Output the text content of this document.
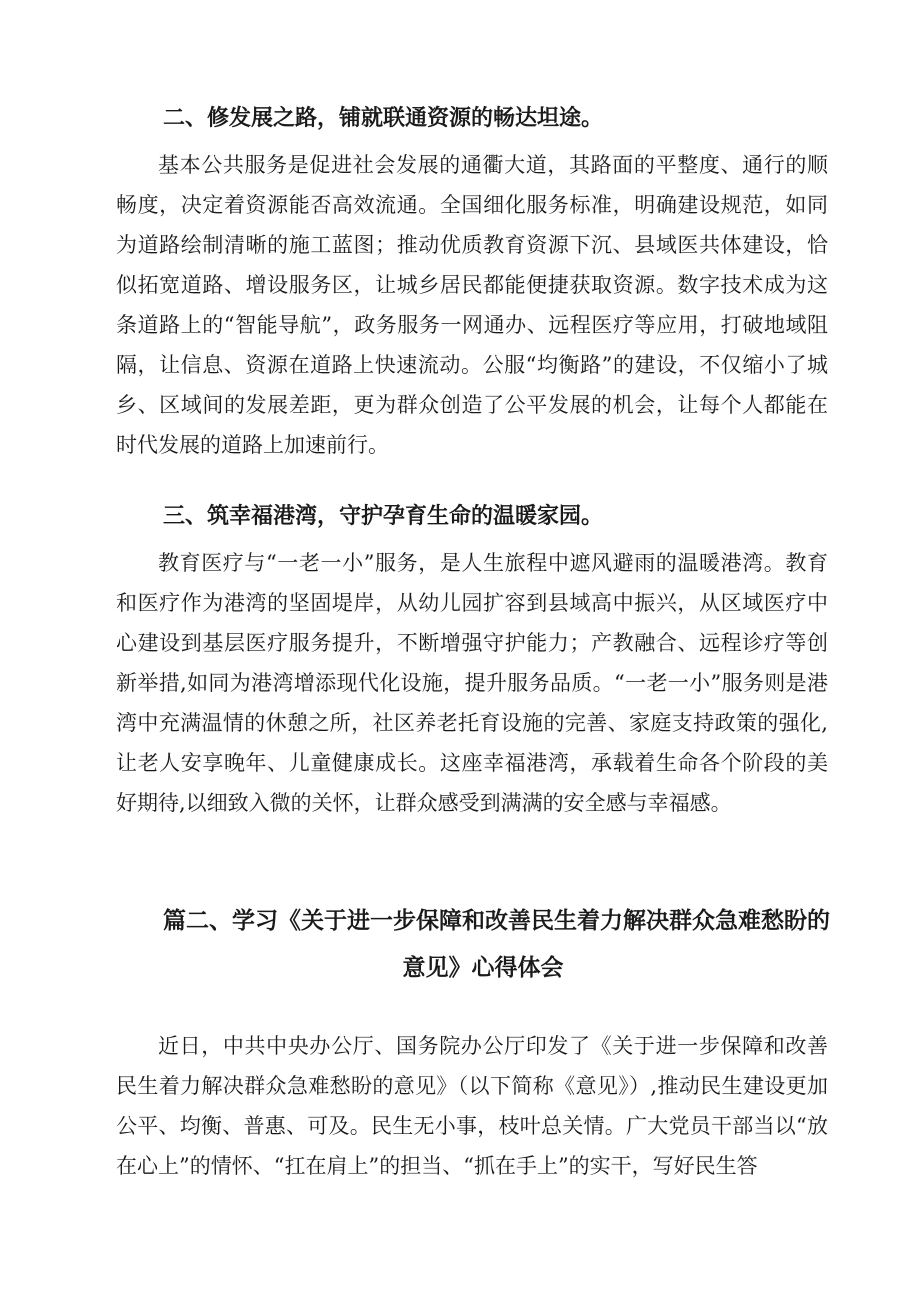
二、修发展之路，铺就联通资源的畅达坦途。

基本公共服务是促进社会发展的通衢大道，其路面的平整度、通行的顺畅度，决定着资源能否高效流通。全国细化服务标准，明确建设规范，如同为道路绘制清晰的施工蓝图；推动优质教育资源下沉、县域医共体建设，恰似拓宽道路、增设服务区，让城乡居民都能便捷获取资源。数字技术成为这条道路上的“智能导航”，政务服务一网通办、远程医疗等应用，打破地域阻隔，让信息、资源在道路上快速流动。公服“均衡路”的建设，不仅缩小了城乡、区域间的发展差距，更为群众创造了公平发展的机会，让每个人都能在时代发展的道路上加速前行。

三、筑幸福港湾，守护孕育生命的温暖家园。

教育医疗与“一老一小”服务，是人生旅程中遮风避雨的温暖港湾。教育和医疗作为港湾的坚固堤岸，从幼儿园扩容到县域高中振兴，从区域医疗中心建设到基层医疗服务提升，不断增强守护能力；产教融合、远程诊疗等创新举措,如同为港湾增添现代化设施，提升服务品质。“一老一小”服务则是港湾中充满温情的休憩之所，社区养老托育设施的完善、家庭支持政策的强化,让老人安享晚年、儿童健康成长。这座幸福港湾，承载着生命各个阶段的美好期待,以细致入微的关怀，让群众感受到满满的安全感与幸福感。

篇二、学习《关于进一步保障和改善民生着力解决群众急难愁盼的
意见》心得体会

近日，中共中央办公厅、国务院办公厅印发了《关于进一步保障和改善民生着力解决群众急难愁盼的意见》（以下简称《意见》）,推动民生建设更加公平、均衡、普惠、可及。民生无小事，枝叶总关情。广大党员干部当以“放在心上”的情怀、“扛在肩上”的担当、“抓在手上”的实干，写好民生答
